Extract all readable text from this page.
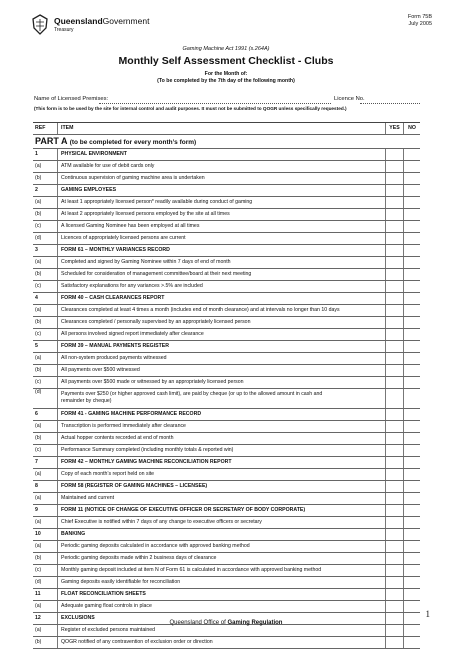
QueenslandGovernment
Treasury
Form 75B
July 2005
Gaming Machine Act 1991 (s.264A)
Monthly Self Assessment Checklist - Clubs
For the Month of:
(To be completed by the 7th day of the following month)
Name of Licensed Premises:	Licence No.
(This form is to be used by the site for internal control and audit purposes. It must not be submitted to QOGR unless specifically requested.)
REF	ITEM	YES	NO
PART A (to be completed for every month’s form)
1	PHYSICAL ENVIRONMENT
(a)	ATM available for use of debit cards only
(b)	Continuous supervision of gaming machine area is undertaken
2	GAMING EMPLOYEES
(a)	At least 1 appropriately licensed person* readily available during conduct of gaming
(b)	At least 2 appropriately licensed persons employed by the site at all times
(c)	A licensed Gaming Nominee has been employed at all times
(d)	Licences of appropriately licensed persons are current
3	FORM 61 – MONTHLY VARIANCES RECORD
(a)	Completed and signed by Gaming Nominee within 7 days of end of month
(b)	Scheduled for consideration of management committee/board at their next meeting
(c)	Satisfactory explanations for any variances >.5% are included
4	FORM 40 – CASH CLEARANCES REPORT
(a)	Clearances completed at least 4 times a month (includes end of month clearance) and at intervals no longer than 10 days
(b)	Clearances completed / personally supervised by an appropriately licensed person
(c)	All persons involved signed report immediately after clearance
5	FORM 39 – MANUAL PAYMENTS REGISTER
(a)	All non-system produced payments witnessed
(b)	All payments over $500 witnessed
(c)	All payments over $500 made or witnessed by an appropriately licensed person
(d)	Payments over $250 (or higher approved cash limit), are paid by cheque (or up to the allowed amount in cash and remainder by cheque)
6	FORM 41 - GAMING MACHINE PERFORMANCE RECORD
(a)	Transcription is performed immediately after clearance
(b)	Actual hopper contents recorded at end of month
(c)	Performance Summary completed (including monthly totals & reported win)
7	FORM 42 – MONTHLY GAMING MACHINE RECONCILIATION REPORT
(a)	Copy of each month’s report held on site
8	FORM 58 (REGISTER OF GAMING MACHINES – LICENSEE)
(a)	Maintained and current
9	FORM 11 (NOTICE OF CHANGE OF EXECUTIVE OFFICER OR SECRETARY OF BODY CORPORATE)
(a)	Chief Executive is notified within 7 days of any change to executive officers or secretary
10	BANKING
(a)	Periodic gaming deposits calculated in accordance with approved banking method
(b)	Periodic gaming deposits made within 2 business days of clearance
(c)	Monthly gaming deposit included at item N of Form 61 is calculated in accordance with approved banking method
(d)	Gaming deposits easily identifiable for reconciliation
11	FLOAT RECONCILIATION SHEETS
(a)	Adequate gaming float controls in place
12	EXCLUSIONS
(a)	Register of excluded persons maintained
(b)	QOGR notified of any contravention of exclusion order or direction
1
Queensland Office of Gaming Regulation
